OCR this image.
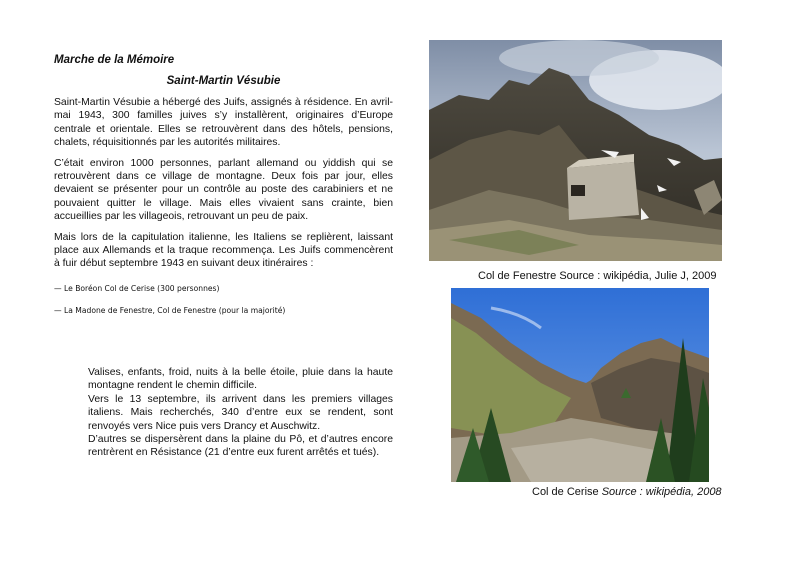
Marche de la Mémoire

Saint-Martin Vésubie

Saint-Martin Vésubie a hébergé des Juifs, assignés à résidence. En avril-mai 1943, 300 familles juives s’y installèrent, originaires d’Europe centrale et orientale. Elles se retrouvèrent dans des hôtels, pensions, chalets, réquisitionnés par les autorités militaires.

C’était environ 1000 personnes, parlant allemand ou yiddish qui se retrouvèrent dans ce village de montagne. Deux fois par jour, elles devaient se présenter pour un contrôle au poste des carabiniers et ne pouvaient quitter le village. Mais elles vivaient sans crainte, bien accueillies par les villageois, retrouvant un peu de paix.

Mais lors de la capitulation italienne, les Italiens se replièrent, laissant place aux Allemands et la traque recommença. Les Juifs commencèrent à fuir début septembre 1943 en suivant deux itinéraires :

— Le Boréon Col de Cerise (300 personnes)

— La Madone de Fenestre, Col de Fenestre (pour la majorité)

Valises, enfants, froid, nuits à la belle étoile, pluie dans la haute montagne rendent le chemin difficile.

Vers le 13 septembre, ils arrivent dans les premiers villages italiens. Mais recherchés, 340 d’entre eux se rendent, sont renvoyés vers Nice puis vers Drancy et Auschwitz.

D’autres se dispersèrent dans la plaine du Pô, et d’autres encore rentrèrent en Résistance (21 d’entre eux furent arrêtés et tués).

Col de Fenestre Source : wikipédia, Julie J, 2009
Col de Cerise Source : wikipédia, 2008
